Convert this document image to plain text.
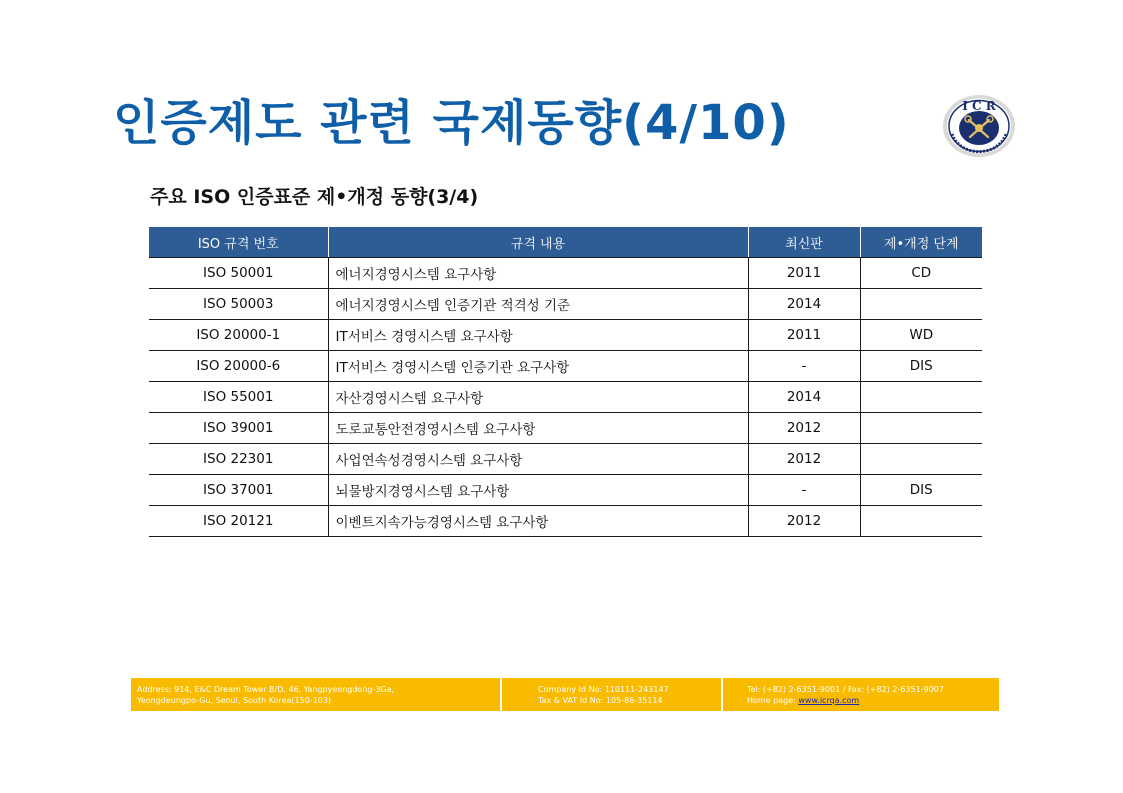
인증제도 관련 국제동향(4/10)	I C R
주요 ISO 인증표준 제•개정 동향(3/4)
ISO 규격 번호	규격 내용	최신판	제•개정 단계
ISO 50001	에너지경영시스템 요구사항	2011	CD
ISO 50003	에너지경영시스템 인증기관 적격성 기준	2014	
ISO 20000-1	IT서비스 경영시스템 요구사항	2011	WD
ISO 20000-6	IT서비스 경영시스템 인증기관 요구사항	-	DIS
ISO 55001	자산경영시스템 요구사항	2014	
ISO 39001	도로교통안전경영시스템 요구사항	2012	
ISO 22301	사업연속성경영시스템 요구사항	2012	
ISO 37001	뇌물방지경영시스템 요구사항	-	DIS
ISO 20121	이벤트지속가능경영시스템 요구사항	2012	
Address: 914, E&C Dream Tower B/D, 46, Yangpyeongdong-3Ga,
Yeongdeungpo-Gu, Seoul, South Korea(150-103)
Company Id No: 110111-243147
Tax & VAT Id No: 105-86-35114
Tel: (+82) 2-6351-9001 / Fax: (+82) 2-6351-9007
Home page: www.icrqa.com
